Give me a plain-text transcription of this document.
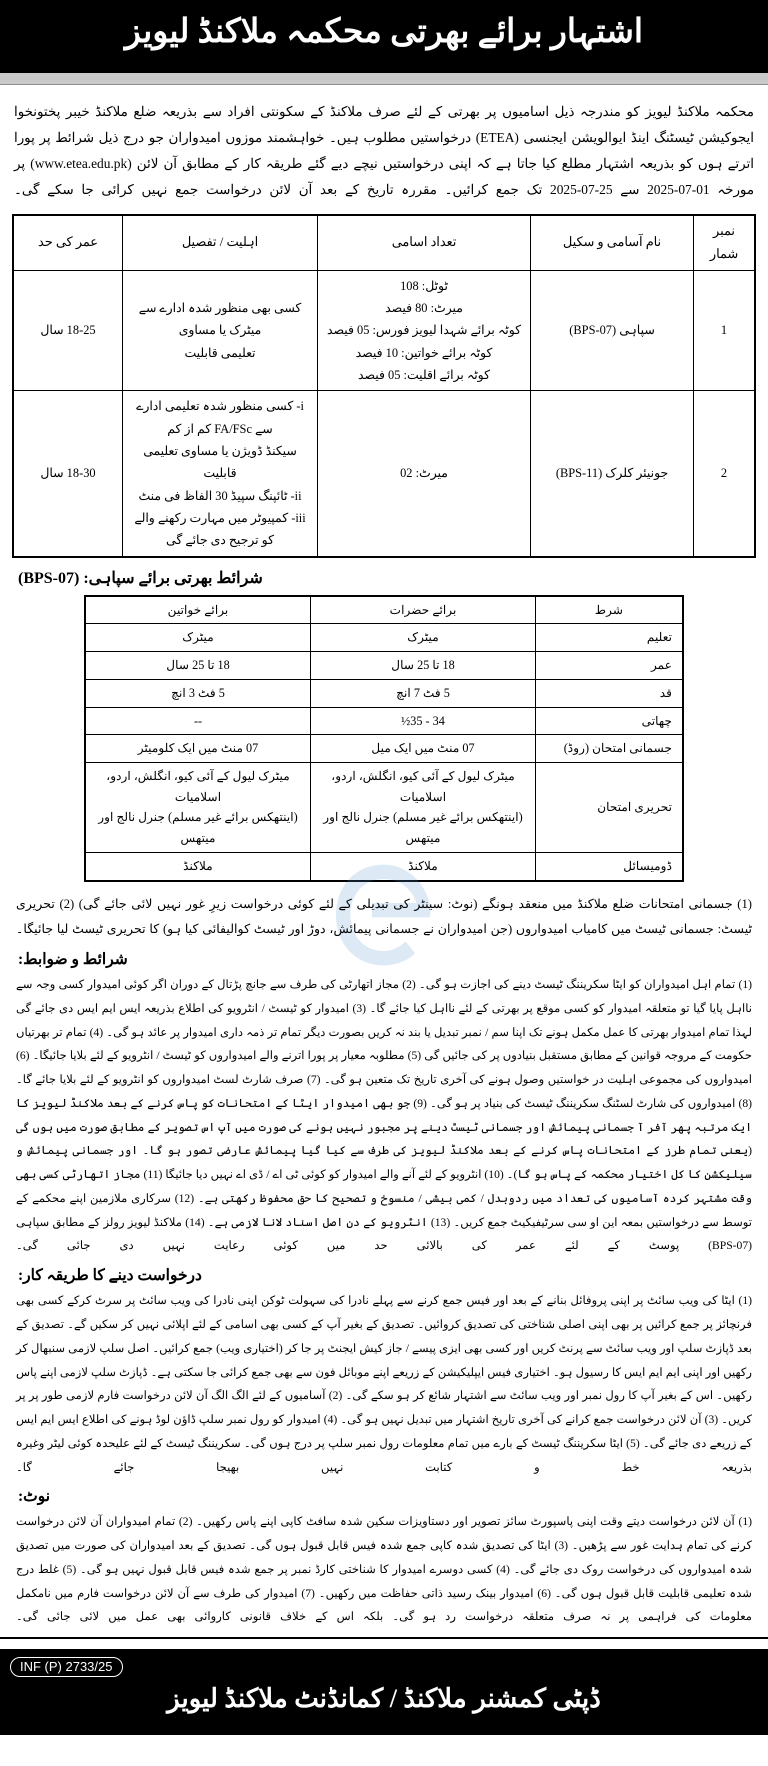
اشتہار برائے بھرتی محکمہ ملاکنڈ لیویز
محکمہ ملاکنڈ لیویز کو مندرجہ ذیل اسامیوں پر بھرتی کے لئے صرف ملاکنڈ کے سکونتی افراد سے بذریعہ ضلع ملاکنڈ خیبر پختونخوا ایجوکیشن ٹیسٹنگ اینڈ ایوالویشن ایجنسی (ETEA) درخواستیں مطلوب ہیں۔ خواہشمند موزوں امیدواران جو درج ذیل شرائط پر پورا اترتے ہوں کو بذریعہ اشتہار مطلع کیا جاتا ہے کہ اپنی درخواستیں نیچے دیے گئے طریقہ کار کے مطابق آن لائن (www.etea.edu.pk) پر مورخہ 01-07-2025 سے 25-07-2025 تک جمع کرائیں۔ مقررہ تاریخ کے بعد آن لائن درخواست جمع نہیں کرائی جا سکے گی۔
نمبر شمار	نام آسامی و سکیل	تعداد اسامی	اہلیت / تفصیل	عمر کی حد
1	سپاہی (BPS-07)	ٹوٹل: 108
میرٹ: 80 فیصد
کوٹہ برائے شہدا لیویز فورس: 05 فیصد
کوٹہ برائے خواتین: 10 فیصد
کوٹہ برائے اقلیت: 05 فیصد	کسی بھی منظور شدہ ادارے سے میٹرک یا مساوی
تعلیمی قابلیت	18-25 سال
2	جونیئر کلرک (BPS-11)	میرٹ: 02	i- کسی منظور شدہ تعلیمی ادارے سے FA/FSc کم از کم
سیکنڈ ڈویژن یا مساوی تعلیمی قابلیت
ii- ٹائپنگ سپیڈ 30 الفاظ فی منٹ
iii- کمپیوٹر میں مہارت رکھنے والے کو ترجیح دی جائے گی	18-30 سال
شرائط بھرتی برائے سپاہی: (BPS-07)
شرط	برائے حضرات	برائے خواتین
تعلیم	میٹرک	میٹرک
عمر	18 تا 25 سال	18 تا 25 سال
قد	5 فٹ 7 انچ	5 فٹ 3 انچ
چھاتی	34 - 35½	--
جسمانی امتحان (روڈ)	07 منٹ میں ایک میل	07 منٹ میں ایک کلومیٹر
تحریری امتحان	میٹرک لیول کے آئی کیو، انگلش، اردو، اسلامیات
(اینتھکس برائے غیر مسلم) جنرل نالج اور میتھس	میٹرک لیول کے آئی کیو، انگلش، اردو، اسلامیات
(اینتھکس برائے غیر مسلم) جنرل نالج اور میتھس

ڈومیسائل	ملاکنڈ	ملاکنڈ
(1) جسمانی امتحانات ضلع ملاکنڈ میں منعقد ہونگے (نوٹ: سینٹر کی تبدیلی کے لئے کوئی درخواست زیرِ غور نہیں لائی جائے گی) (2) تحریری ٹیسٹ: جسمانی ٹیسٹ میں کامیاب امیدواروں (جن امیدواران نے جسمانی پیمائش، دوڑ اور ٹیسٹ کوالیفائی کیا ہو) کا تحریری ٹیسٹ لیا جائیگا۔
شرائط و ضوابط:

(1) تمام اہل امیدواران کو ایٹا سکریننگ ٹیسٹ دینے کی اجازت ہو گی۔ (2) مجاز اتھارٹی کی طرف سے جانچ پڑتال کے دوران اگر کوئی امیدوار کسی وجہ سے نااہل پایا گیا تو متعلقہ امیدوار کو کسی موقع پر بھرتی کے لئے نااہل کیا جائے گا۔ (3) امیدوار کو ٹیسٹ / انٹرویو کی اطلاع بذریعہ ایس ایم ایس دی جائے گی لہذا تمام امیدوار بھرتی کا عمل مکمل ہونے تک اپنا سم / نمبر تبدیل یا بند نہ کریں بصورت دیگر تمام تر ذمہ داری امیدوار پر عائد ہو گی۔ (4) تمام تر بھرتیاں حکومت کے مروجہ قوانین کے مطابق مستقبل بنیادوں پر کی جائیں گی (5) مطلوبہ معیار پر پورا اترنے والے امیدواروں کو ٹیسٹ / انٹرویو کے لئے بلایا جائیگا۔ (6) امیدواروں کی مجموعی اہلیت در خواستیں وصول ہونے کی آخری تاریخ تک متعین ہو گی۔ (7) صرف شارٹ لسٹ امیدواروں کو انٹرویو کے لئے بلایا جائے گا۔ (8) امیدواروں کی شارٹ لسٹنگ سکریننگ ٹیسٹ کی بنیاد پر ہو گی۔ (9) جو بھی امیدوار ایٹا کے امتحانات کو پاس کرنے کے بعد ملاکنڈ لیویز کا ایک مرتبہ پھر آفر آ جسمانی پیمائش اور جسمانی ٹیسٹ دینے پر مجبور نہیں ہونے کی صورت میں آپ اس تصویر کے مطابق صورت میں ہوں گی (یعنی تمام طرز کے امتحانات پاس کرنے کے بعد ملاکنڈ لیویز کی طرف سے کیا گیا پیمائش عارضی تصور ہو گا۔ اور جسمانی پیمائش و سیلیکشن کا کل اختیار محکمہ کے پاس ہو گا)۔ (10) انٹرویو کے لئے آنے والے امیدوار کو کوئی ٹی اے / ڈی اے نہیں دیا جائیگا (11) مجاز اتھارٹی کسی بھی وقت مشتہر کردہ آسامیوں کی تعداد میں ردوبدل / کمی بیشی / منسوخ و تصحیح کا حق محفوظ رکھتی ہے۔ (12) سرکاری ملازمین اپنے محکمے کے توسط سے درخواستیں بمعہ این او سی سرٹیفیکیٹ جمع کریں۔ (13) انٹرویو کے دن اصل اسناد لانا لازمی ہے۔ (14) ملاکنڈ لیویز رولز کے مطابق سپاہی (BPS-07) پوسٹ کے لئے عمر کی بالائی حد میں کوئی رعایت نہیں دی جائی گی۔

درخواست دینے کا طریقہ کار:

(1) ایٹا کی ویب سائٹ پر اپنی پروفائل بنانے کے بعد اور فیس جمع کرنے سے پہلے نادرا کی سہولت ٹوکن اپنی نادرا کی ویب سائٹ پر سرٹ کرکے کسی بھی فرنچائز پر جمع کرائیں پر بھی اپنی اصلی شناختی کی تصدیق کروائیں۔ تصدیق کے بغیر آپ کے کسی بھی اسامی کے لئے اپلائی نہیں کر سکیں گے۔ تصدیق کے بعد ڈپازٹ سلپ اور ویب سائٹ سے پرنٹ کریں اور کسی بھی ایزی پیسے / جاز کیش ایجنٹ پر جا کر (اختیاری ویب) جمع کرائیں۔ اصل سلپ لازمی سنبھال کر رکھیں اور اپنی ایم ایم ایس کا رسیول ہو۔ اختیاری فیس ایپلیکیشن کے زریعے اپنے موبائل فون سے بھی جمع کرائی جا سکتی ہے۔ ڈپازٹ سلپ لازمی اپنے پاس رکھیں۔ اس کے بغیر آپ کا رول نمبر اور ویب سائٹ سے اشتہار شائع کر ہو سکے گی۔ (2) آسامیوں کے لئے الگ الگ آن لائن درخواست فارم لازمی طور پر پر کریں۔ (3) آن لائن درخواست جمع کرانے کی آخری تاریخ اشتہار میں تبدیل نہیں ہو گی۔ (4) امیدوار کو رول نمبر سلپ ڈاؤن لوڈ ہونے کی اطلاع ایس ایم ایس کے زریعے دی جائے گی۔ (5) ایٹا سکریننگ ٹیسٹ کے بارے میں تمام معلومات رول نمبر سلپ پر درج ہوں گی۔ سکریننگ ٹیسٹ کے لئے علیحدہ کوئی لیٹر وغیرہ بذریعہ خط و کتابت نہیں بھیجا جائے گا۔

نوٹ:

(1) آن لائن درخواست دیتے وقت اپنی پاسپورٹ سائز تصویر اور دستاویزات سکین شدہ سافٹ کاپی اپنے پاس رکھیں۔ (2) تمام امیدواران آن لائن درخواست کرنے کی تمام ہدایت غور سے پڑھیں۔ (3) ایٹا کی تصدیق شدہ کاپی جمع شدہ فیس قابل قبول ہوں گی۔ تصدیق کے بعد امیدواران کی صورت میں تصدیق شدہ امیدواروں کی درخواست روک دی جائے گی۔ (4) کسی دوسرے امیدوار کا شناختی کارڈ نمبر پر جمع شدہ فیس قابل قبول نہیں ہو گی۔ (5) غلط درج شدہ تعلیمی قابلیت قابل قبول ہوں گی۔ (6) امیدوار بینک رسید ذاتی حفاظت میں رکھیں۔ (7) امیدوار کی طرف سے آن لائن درخواست فارم میں نامکمل معلومات کی فراہمی پر نہ صرف متعلقہ درخواست رد ہو گی۔ بلکہ اس کے خلاف قانونی کاروائی بھی عمل میں لائی جائی گی۔

INF (P) 2733/25
ڈپٹی کمشنر ملاکنڈ / کمانڈنٹ ملاکنڈ لیویز
